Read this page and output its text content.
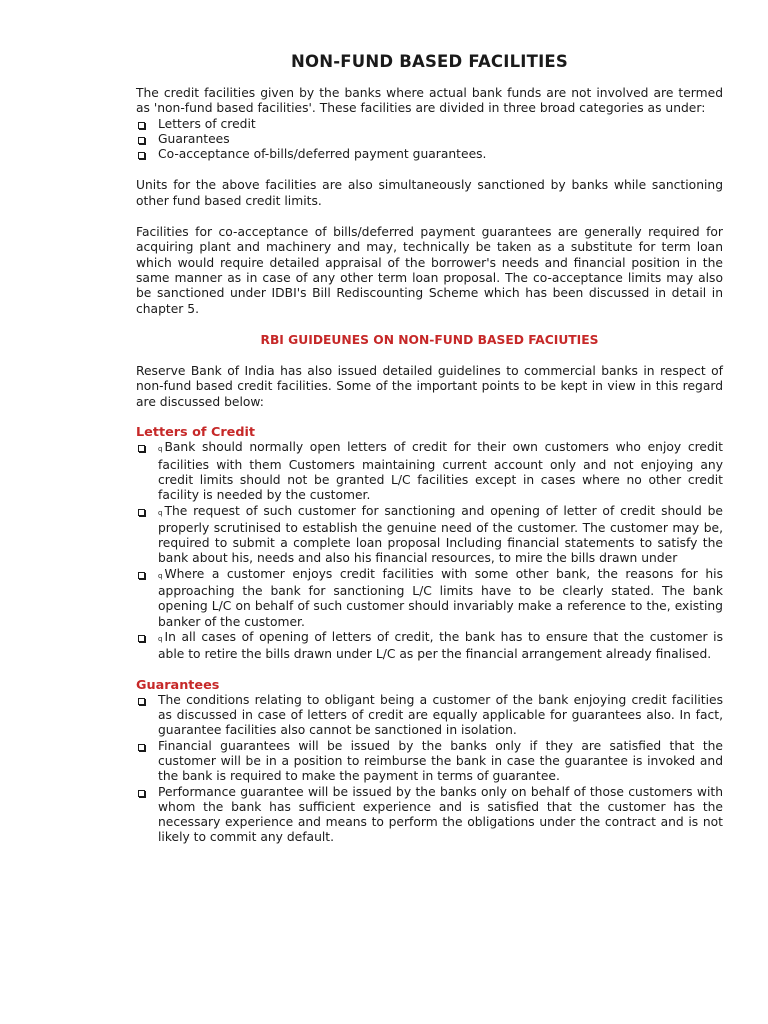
NON-FUND BASED FACILITIES

The credit facilities given by the banks where actual bank funds are not involved are termed as 'non-fund based facilities'. These facilities are divided in three broad categories as under:

Letters of credit
Guarantees
Co-acceptance of-bills/deferred payment guarantees.

Units for the above facilities are also simultaneously sanctioned by banks while sanctioning other fund based credit limits.

Facilities for co-acceptance of bills/deferred payment guarantees are generally required for acquiring plant and machinery and may, technically be taken as a substitute for term loan which would require detailed appraisal of the borrower's needs and financial position in the same manner as in case of any other term loan proposal. The co-acceptance limits may also be sanctioned under IDBI's Bill Rediscounting Scheme which has been discussed in detail in chapter 5.

RBI GUIDEUNES ON NON-FUND BASED FACIUTIES

Reserve Bank of India has also issued detailed guidelines to commercial banks in respect of non-fund based credit facilities. Some of the important points to be kept in view in this regard are discussed below:

Letters of Credit

q Bank should normally open letters of credit for their own customers who enjoy credit facilities with them Customers maintaining current account only and not enjoying any credit limits should not be granted L/C facilities except in cases where no other credit facility is needed by the customer.
q The request of such customer for sanctioning and opening of letter of credit should be properly scrutinised to establish the genuine need of the customer. The customer may be, required to submit a complete loan proposal Including financial statements to satisfy the bank about his, needs and also his financial resources, to mire the bills drawn under
q Where a customer enjoys credit facilities with some other bank, the reasons for his approaching the bank for sanctioning L/C limits have to be clearly stated. The bank opening L/C on behalf of such customer should invariably make a reference to the, existing banker of the customer.
q In all cases of opening of letters of credit, the bank has to ensure that the customer is able to retire the bills drawn under L/C as per the financial arrangement already finalised.

Guarantees

The conditions relating to obligant being a customer of the bank enjoying credit facilities as discussed in case of letters of credit are equally applicable for guarantees also. In fact, guarantee facilities also cannot be sanctioned in isolation.
Financial guarantees will be issued by the banks only if they are satisfied that the customer will be in a position to reimburse the bank in case the guarantee is invoked and the bank is required to make the payment in terms of guarantee.
Performance guarantee will be issued by the banks only on behalf of those customers with whom the bank has sufficient experience and is satisfied that the customer has the necessary experience and means to perform the obligations under the contract and is not likely to commit any default.
